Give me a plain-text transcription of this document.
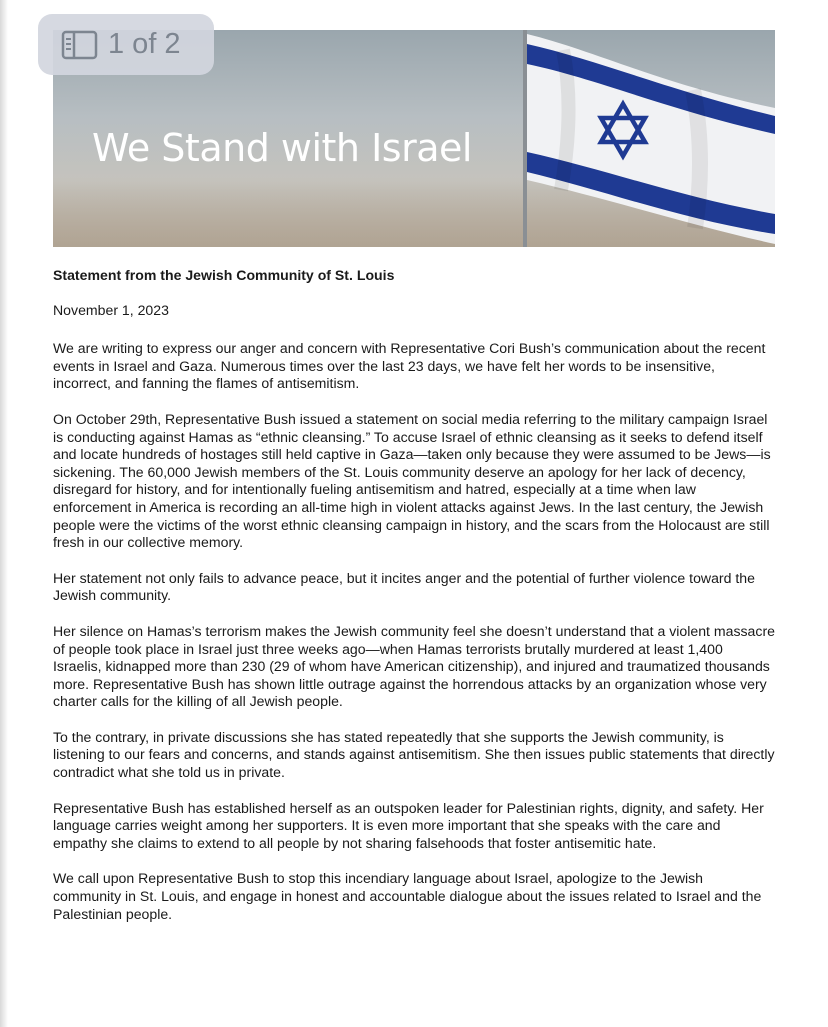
We Stand with Israel
1 of 2

Statement from the Jewish Community of St. Louis

November 1, 2023

We are writing to express our anger and concern with Representative Cori Bush’s communication about the recent events in Israel and Gaza. Numerous times over the last 23 days, we have felt her words to be insensitive, incorrect, and fanning the flames of antisemitism.

On October 29th, Representative Bush issued a statement on social media referring to the military campaign Israel is conducting against Hamas as “ethnic cleansing.” To accuse Israel of ethnic cleansing as it seeks to defend itself and locate hundreds of hostages still held captive in Gaza—taken only because they were assumed to be Jews—is sickening. The 60,000 Jewish members of the St. Louis community deserve an apology for her lack of decency, disregard for history, and for intentionally fueling antisemitism and hatred, especially at a time when law enforcement in America is recording an all-time high in violent attacks against Jews. In the last century, the Jewish people were the victims of the worst ethnic cleansing campaign in history, and the scars from the Holocaust are still fresh in our collective memory.

Her statement not only fails to advance peace, but it incites anger and the potential of further violence toward the Jewish community.

Her silence on Hamas’s terrorism makes the Jewish community feel she doesn’t understand that a violent massacre of people took place in Israel just three weeks ago—when Hamas terrorists brutally murdered at least 1,400 Israelis, kidnapped more than 230 (29 of whom have American citizenship), and injured and traumatized thousands more. Representative Bush has shown little outrage against the horrendous attacks by an organization whose very charter calls for the killing of all Jewish people.

To the contrary, in private discussions she has stated repeatedly that she supports the Jewish community, is listening to our fears and concerns, and stands against antisemitism. She then issues public statements that directly contradict what she told us in private.

Representative Bush has established herself as an outspoken leader for Palestinian rights, dignity, and safety. Her language carries weight among her supporters. It is even more important that she speaks with the care and empathy she claims to extend to all people by not sharing falsehoods that foster antisemitic hate.

We call upon Representative Bush to stop this incendiary language about Israel, apologize to the Jewish community in St. Louis, and engage in honest and accountable dialogue about the issues related to Israel and the Palestinian people.
